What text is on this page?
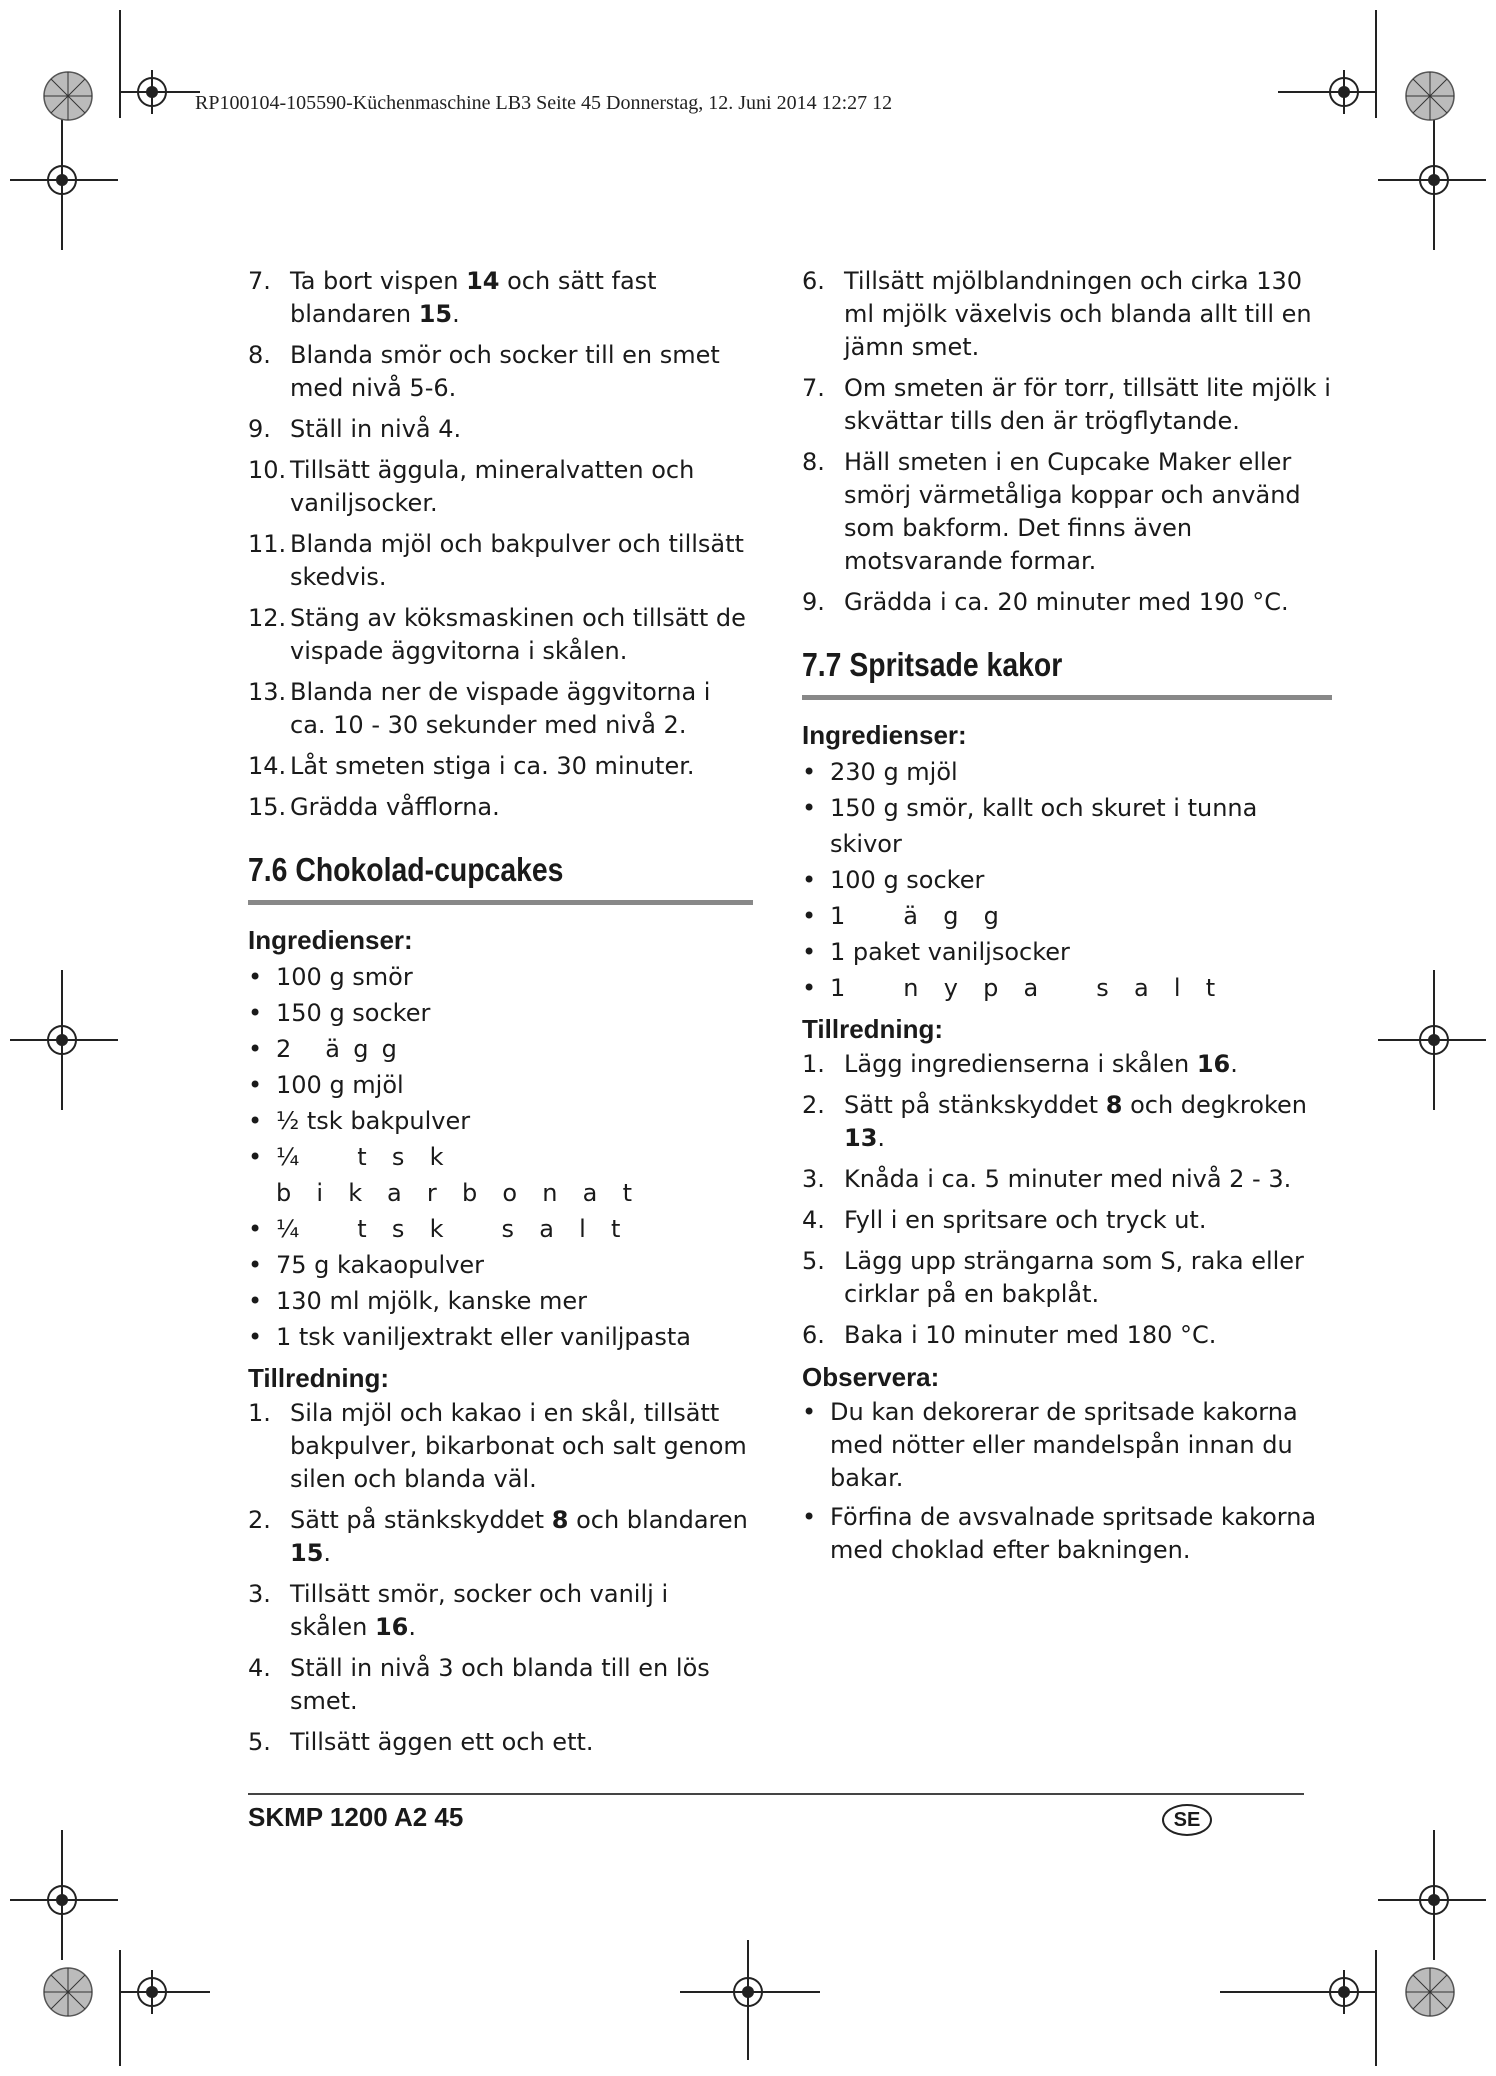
RP100104-105590-Küchenmaschine LB3 Seite 45 Donnerstag, 12. Juni 2014 12:27 12
7. Ta bort vispen 14 och sätt fast blandaren 15.
8. Blanda smör och socker till en smet med nivå 5-6.
9. Ställ in nivå 4.
10. Tillsätt äggula, mineralvatten och vaniljsocker.
11. Blanda mjöl och bakpulver och tillsätt skedvis.
12. Stäng av köksmaskinen och tillsätt de vispade äggvitorna i skålen.
13. Blanda ner de vispade äggvitorna i ca. 10 - 30 sekunder med nivå 2.
14. Låt smeten stiga i ca. 30 minuter.
15. Grädda våfflorna.
7.6 Chokolad-cupcakes
Ingredienser:
• 100 g smör
• 150 g socker
• 2 ägg
• 100 g mjöl
• ½ tsk bakpulver
• ¼ tsk bikarbonat
• ¼ tsk salt
• 75 g kakaopulver
• 130 ml mjölk, kanske mer
• 1 tsk vaniljextrakt eller vaniljpasta
Tillredning:
1. Sila mjöl och kakao i en skål, tillsätt bakpulver, bikarbonat och salt genom silen och blanda väl.
2. Sätt på stänkskyddet 8 och blandaren 15.
3. Tillsätt smör, socker och vanilj i skålen 16.
4. Ställ in nivå 3 och blanda till en lös smet.
5. Tillsätt äggen ett och ett.
6. Tillsätt mjölblandningen och cirka 130 ml mjölk växelvis och blanda allt till en jämn smet.
7. Om smeten är för torr, tillsätt lite mjölk i skvättar tills den är trögflytande.
8. Häll smeten i en Cupcake Maker eller smörj värmetåliga koppar och använd som bakform. Det finns även motsvarande formar.
9. Grädda i ca. 20 minuter med 190 °C.
7.7 Spritsade kakor
Ingredienser:
• 230 g mjöl
• 150 g smör, kallt och skuret i tunna skivor
• 100 g socker
• 1 ägg
• 1 paket vaniljsocker
• 1 nypa salt
Tillredning:
1. Lägg ingredienserna i skålen 16.
2. Sätt på stänkskyddet 8 och degkroken 13.
3. Knåda i ca. 5 minuter med nivå 2 - 3.
4. Fyll i en spritsare och tryck ut.
5. Lägg upp strängarna som S, raka eller cirklar på en bakplåt.
6. Baka i 10 minuter med 180 °C.
Observera:
• Du kan dekorerar de spritsade kakorna med nötter eller mandelspån innan du bakar.
• Förfina de avsvalnade spritsade kakorna med choklad efter bakningen.
SKMP 1200 A2 45	SE
